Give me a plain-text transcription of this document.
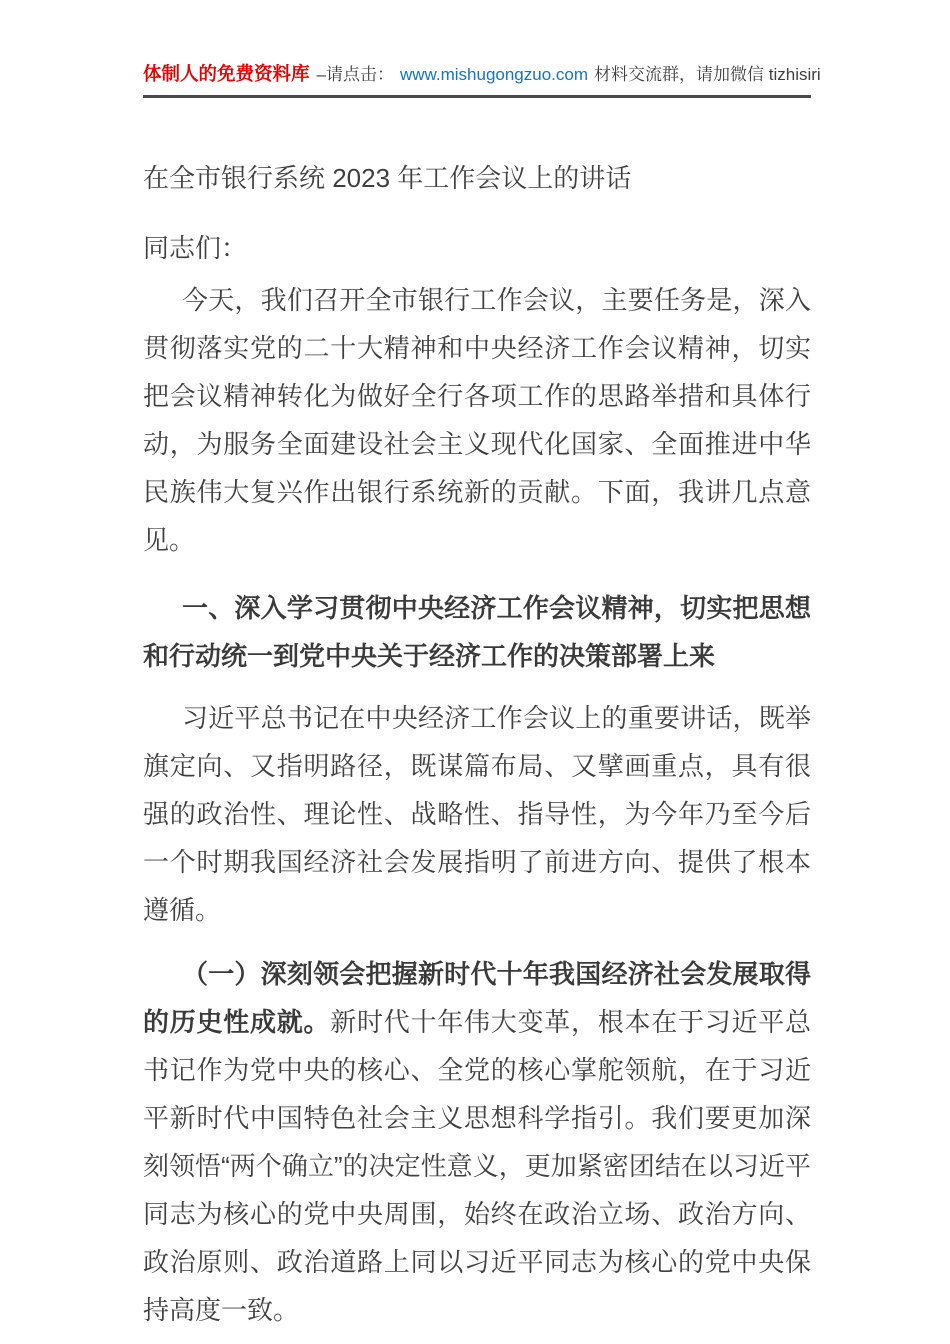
体制人的免费资料库 –请点击： www.mishugongzuo.com 材料交流群，请加微信 tizhisiri
在全市银行系统 2023 年工作会议上的讲话

同志们：

今天，我们召开全市银行工作会议，主要任务是，深入贯彻落实党的二十大精神和中央经济工作会议精神，切实把会议精神转化为做好全行各项工作的思路举措和具体行动，为服务全面建设社会主义现代化国家、全面推进中华民族伟大复兴作出银行系统新的贡献。下面，我讲几点意见。

一、深入学习贯彻中央经济工作会议精神，切实把思想和行动统一到党中央关于经济工作的决策部署上来

习近平总书记在中央经济工作会议上的重要讲话，既举旗定向、又指明路径，既谋篇布局、又擘画重点，具有很强的政治性、理论性、战略性、指导性，为今年乃至今后一个时期我国经济社会发展指明了前进方向、提供了根本遵循。

（一）深刻领会把握新时代十年我国经济社会发展取得的历史性成就。新时代十年伟大变革，根本在于习近平总书记作为党中央的核心、全党的核心掌舵领航，在于习近平新时代中国特色社会主义思想科学指引。我们要更加深刻领悟“两个确立”的决定性意义，更加紧密团结在以习近平同志为核心的党中央周围，始终在政治立场、政治方向、政治原则、政治道路上同以习近平同志为核心的党中央保持高度一致。
